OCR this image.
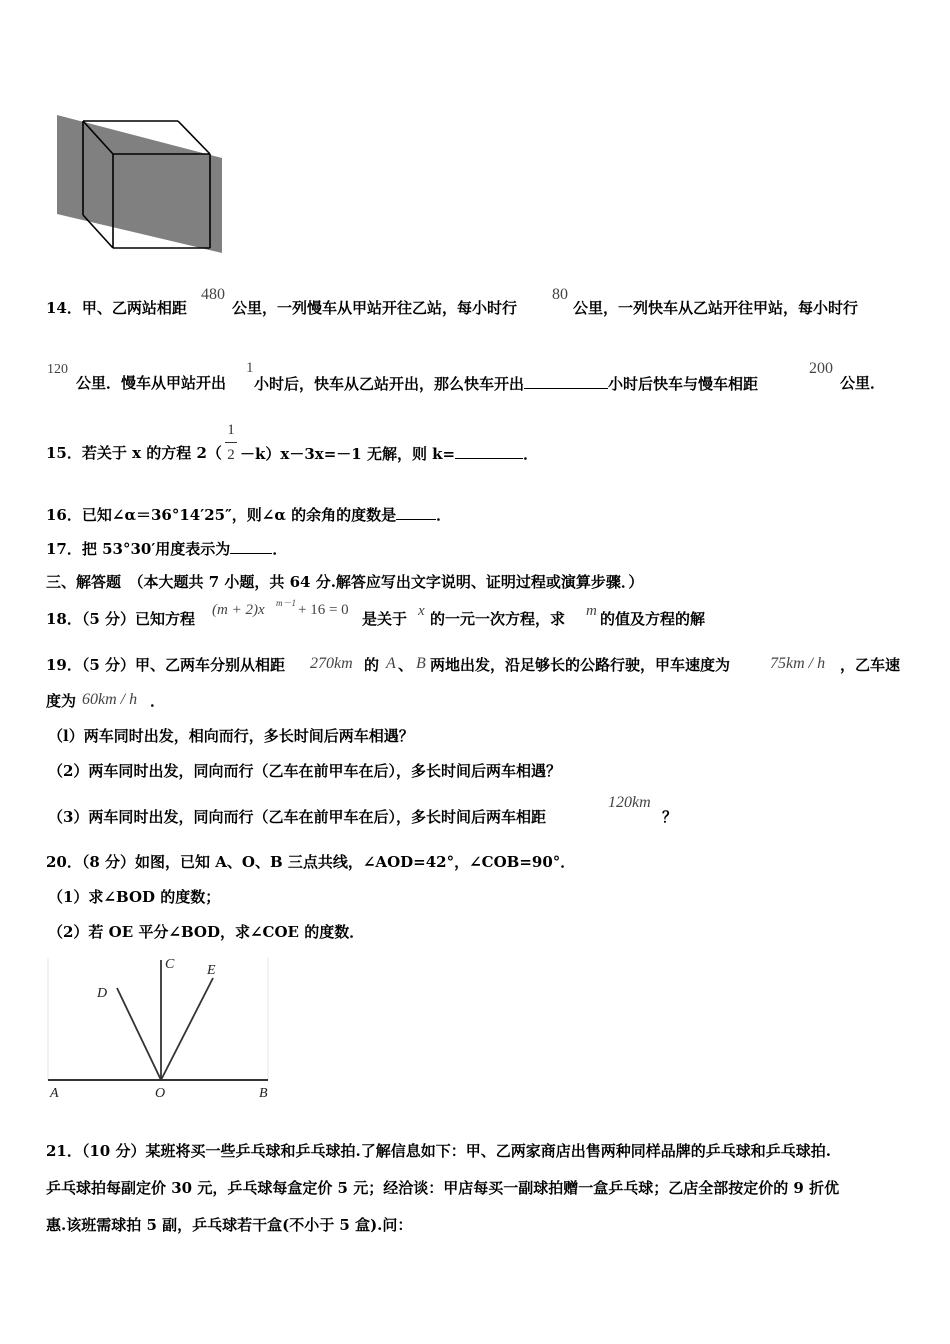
14．甲、乙两站相距
480
公里，一列慢车从甲站开往乙站，每小时行
80
公里，一列快车从乙站开往甲站，每小时行
120
公里．慢车从甲站开出
1
小时后，快车从乙站开出，那么快车开出	小时后快车与慢车相距
200
公里．
15．若关于 x 的方程 2（
1
2 －k）x－3x=－1 无解，则 k=	．
16．已知∠α＝36°14′25″，则∠α 的余角的度数是	．
17．把 53°30′用度表示为	．
三、解答题　（本大题共 7 小题，共 64 分.解答应写出文字说明、证明过程或演算步骤．）
18．（5 分）已知方程 (m + 2)x m－1 + 16 = 0 是关于 x 的一元一次方程，求 m 的值及方程的解
19．（5 分）甲、乙两车分别从相距 270km 的 A 、 B 两地出发，沿足够长的公路行驶，甲车速度为 75km / h ，乙车速
度为 60km / h ．
（l）两车同时出发，相向而行，多长时间后两车相遇？
（2）两车同时出发，同向而行（乙车在前甲车在后），多长时间后两车相遇？
（3）两车同时出发，同向而行（乙车在前甲车在后），多长时间后两车相距
120km
？
20．（8 分）如图，已知 A、O、B 三点共线，∠AOD=42°，∠COB=90°．
（1）求∠BOD 的度数；
（2）若 OE 平分∠BOD，求∠COE 的度数．
A	O	B
C
D
E
21．（10 分）某班将买一些乒乓球和乒乓球拍.了解信息如下：甲、乙两家商店出售两种同样品牌的乒乓球和乒乓球拍.
乒乓球拍每副定价 30 元，乒乓球每盒定价 5 元；经洽谈：甲店每买一副球拍赠一盒乒乓球；乙店全部按定价的 9 折优
惠.该班需球拍 5 副，乒乓球若干盒(不小于 5 盒).问：
